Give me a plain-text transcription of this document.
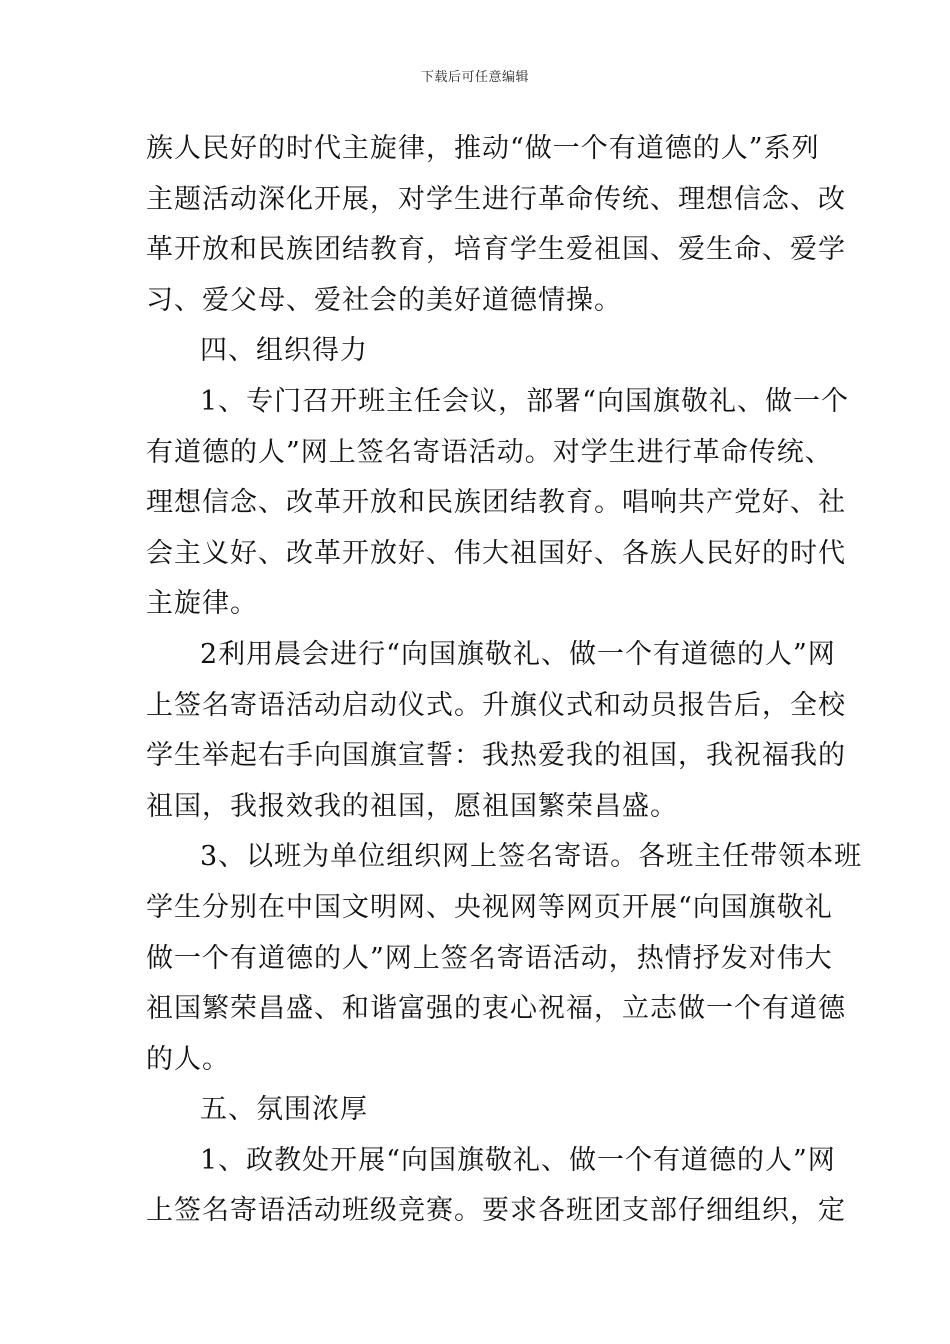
下载后可任意编辑
族人民好的时代主旋律，推动“做一个有道德的人”系列
主题活动深化开展，对学生进行革命传统、理想信念、改
革开放和民族团结教育，培育学生爱祖国、爱生命、爱学
习、爱父母、爱社会的美好道德情操。
四、组织得力
1、专门召开班主任会议，部署“向国旗敬礼、做一个
有道德的人”网上签名寄语活动。对学生进行革命传统、
理想信念、改革开放和民族团结教育。唱响共产党好、社
会主义好、改革开放好、伟大祖国好、各族人民好的时代
主旋律。
2利用晨会进行“向国旗敬礼、做一个有道德的人”网
上签名寄语活动启动仪式。升旗仪式和动员报告后，全校
学生举起右手向国旗宣誓：我热爱我的祖国，我祝福我的
祖国，我报效我的祖国，愿祖国繁荣昌盛。
3、以班为单位组织网上签名寄语。各班主任带领本班
学生分别在中国文明网、央视网等网页开展“向国旗敬礼
做一个有道德的人”网上签名寄语活动，热情抒发对伟大
祖国繁荣昌盛、和谐富强的衷心祝福，立志做一个有道德
的人。
五、氛围浓厚
1、政教处开展“向国旗敬礼、做一个有道德的人”网
上签名寄语活动班级竞赛。要求各班团支部仔细组织，定
